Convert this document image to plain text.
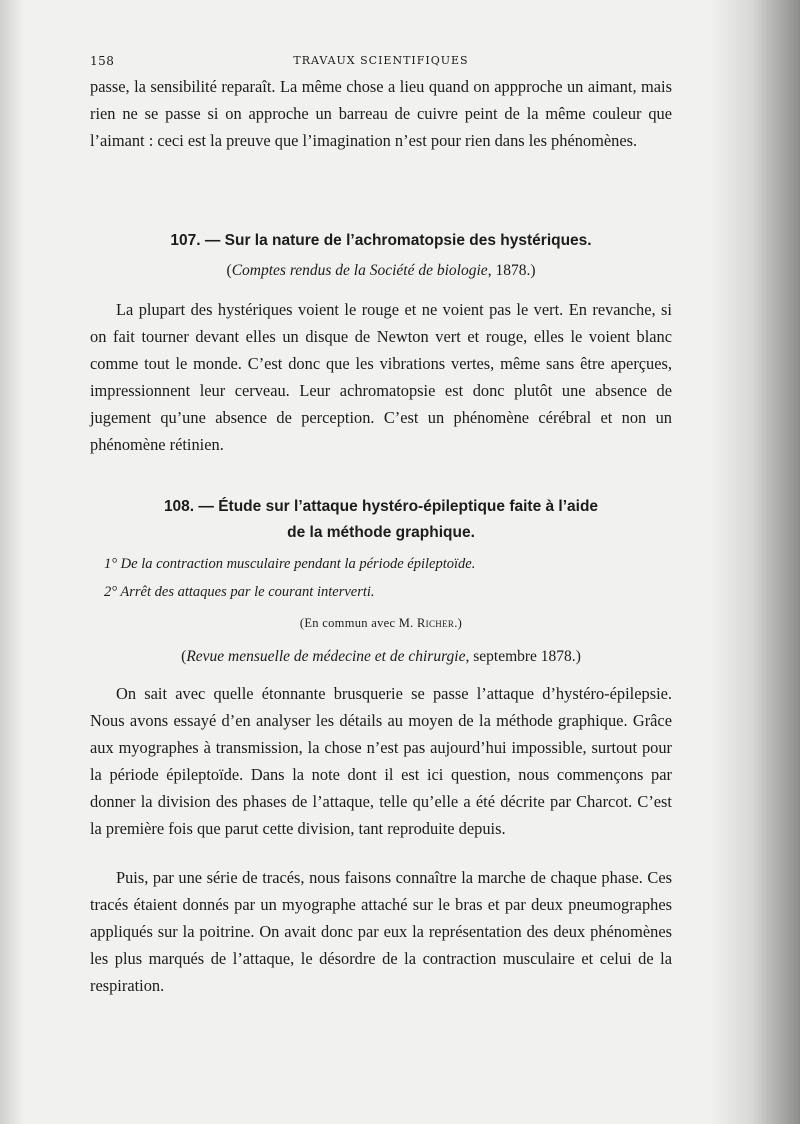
158	TRAVAUX SCIENTIFIQUES

passe, la sensibilité reparaît. La même chose a lieu quand on appproche un aimant, mais rien ne se passe si on approche un barreau de cuivre peint de la même couleur que l’aimant : ceci est la preuve que l’imagination n’est pour rien dans les phénomènes.

107. — Sur la nature de l’achromatopsie des hystériques.
(Comptes rendus de la Société de biologie, 1878.)

La plupart des hystériques voient le rouge et ne voient pas le vert. En revanche, si on fait tourner devant elles un disque de Newton vert et rouge, elles le voient blanc comme tout le monde. C’est donc que les vibrations vertes, même sans être aperçues, impressionnent leur cerveau. Leur achromatopsie est donc plutôt une absence de jugement qu’une absence de perception. C’est un phénomène cérébral et non un phénomène rétinien.

108. — Étude sur l’attaque hystéro-épileptique faite à l’aide
de la méthode graphique.
1° De la contraction musculaire pendant la période épileptoïde.
2° Arrêt des attaques par le courant interverti.
(En commun avec M. Richer.)
(Revue mensuelle de médecine et de chirurgie, septembre 1878.)

On sait avec quelle étonnante brusquerie se passe l’attaque d’hystéro-épilepsie. Nous avons essayé d’en analyser les détails au moyen de la méthode graphique. Grâce aux myographes à transmission, la chose n’est pas aujourd’hui impossible, surtout pour la période épileptoïde. Dans la note dont il est ici question, nous commençons par donner la division des phases de l’attaque, telle qu’elle a été décrite par Charcot. C’est la première fois que parut cette division, tant reproduite depuis.

Puis, par une série de tracés, nous faisons connaître la marche de chaque phase. Ces tracés étaient donnés par un myographe attaché sur le bras et par deux pneumographes appliqués sur la poitrine. On avait donc par eux la représentation des deux phénomènes les plus marqués de l’attaque, le désordre de la contraction musculaire et celui de la respiration.
